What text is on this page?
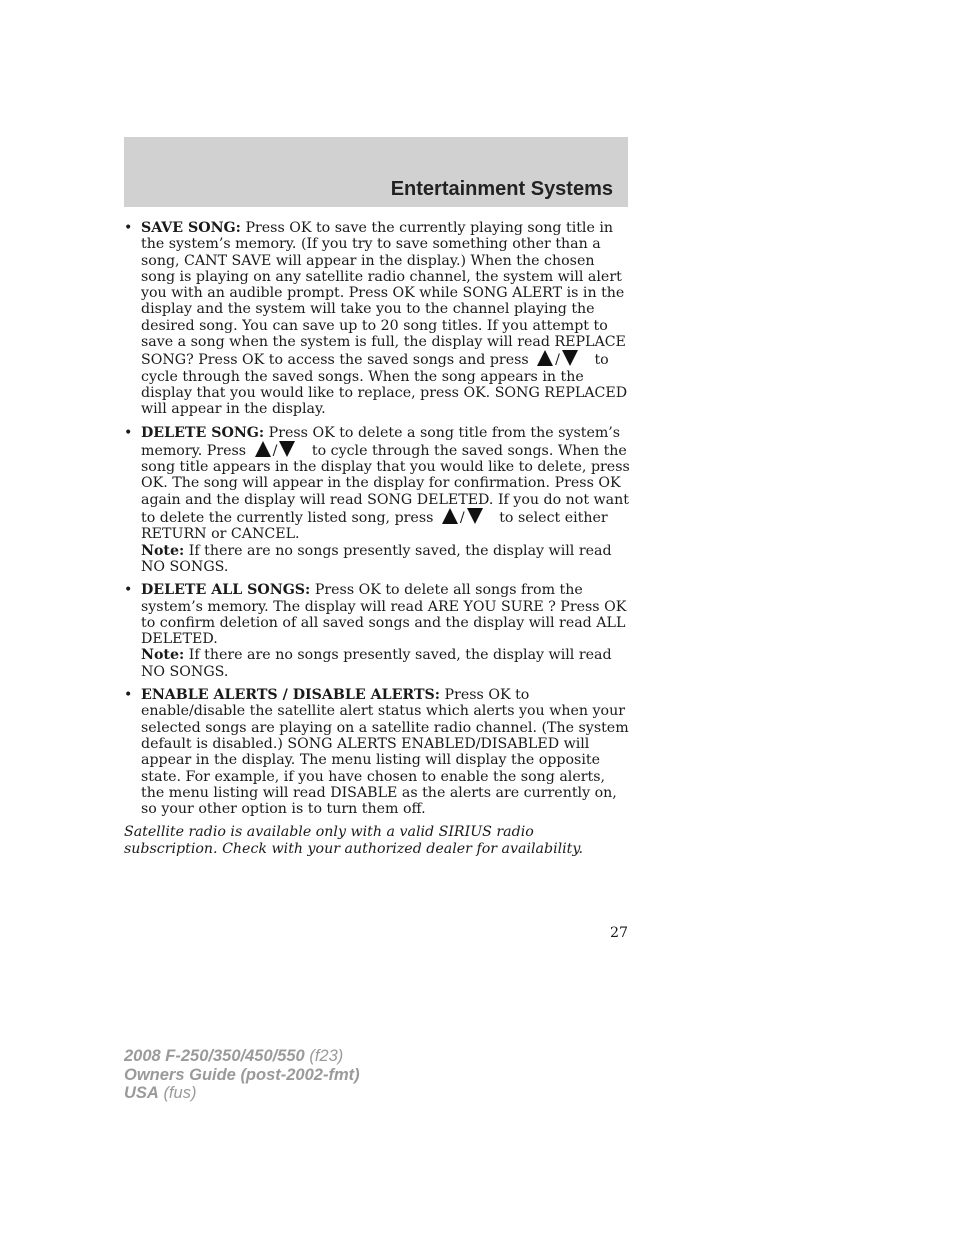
Entertainment Systems
• SAVE SONG: Press OK to save the currently playing song title in the system’s memory. (If you try to save something other than a song, CANT SAVE will appear in the display.) When the chosen song is playing on any satellite radio channel, the system will alert you with an audible prompt. Press OK while SONG ALERT is in the display and the system will take you to the channel playing the desired song. You can save up to 20 song titles. If you attempt to save a song when the system is full, the display will read REPLACE SONG? Press OK to access the saved songs and press / to cycle through the saved songs. When the song appears in the display that you would like to replace, press OK. SONG REPLACED will appear in the display.

• DELETE SONG: Press OK to delete a song title from the system’s memory. Press / to cycle through the saved songs. When the song title appears in the display that you would like to delete, press OK. The song will appear in the display for confirmation. Press OK again and the display will read SONG DELETED. If you do not want to delete the currently listed song, press / to select either RETURN or CANCEL.

Note: If there are no songs presently saved, the display will read NO SONGS.

• DELETE ALL SONGS: Press OK to delete all songs from the system’s memory. The display will read ARE YOU SURE ? Press OK to confirm deletion of all saved songs and the display will read ALL DELETED.

Note: If there are no songs presently saved, the display will read NO SONGS.

• ENABLE ALERTS / DISABLE ALERTS: Press OK to enable/disable the satellite alert status which alerts you when your selected songs are playing on a satellite radio channel. (The system default is disabled.) SONG ALERTS ENABLED/DISABLED will appear in the display. The menu listing will display the opposite state. For example, if you have chosen to enable the song alerts, the menu listing will read DISABLE as the alerts are currently on, so your other option is to turn them off.

Satellite radio is available only with a valid SIRIUS radio subscription. Check with your authorized dealer for availability.

27
2008 F-250/350/450/550 (f23)
Owners Guide (post-2002-fmt)
USA (fus)
